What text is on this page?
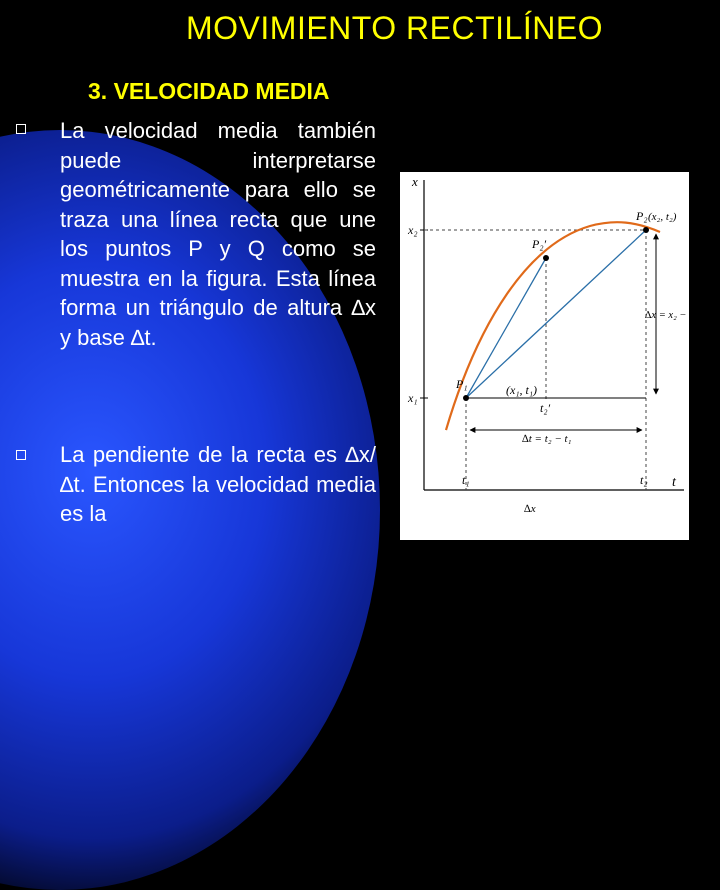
MOVIMIENTO RECTILÍNEO
3. VELOCIDAD MEDIA

La velocidad media también puede interpretarse geométricamente para ello se traza una línea recta que une los puntos P y Q como se muestra en la figura. Esta línea forma un triángulo de altura ∆x y base ∆t.

La pendiente de la recta es ∆x/∆t. Entonces la velocidad media es la

x
t
x₂
x₁
t₁	t₂
t₂′
P₁	(x₁, t₁)
P₂ (x₂, t₂)
P₂′
∆x = x₂ − x₁
∆t = t₂ − t₁
∆x
